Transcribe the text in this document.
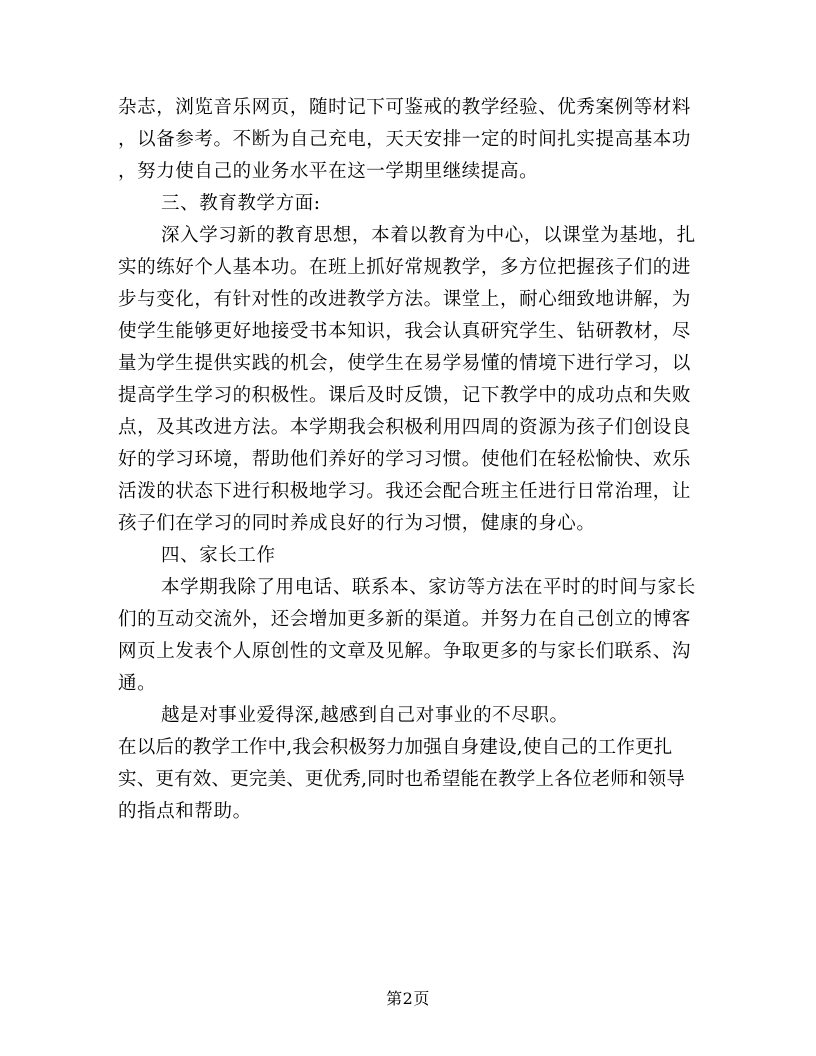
杂志，浏览音乐网页，随时记下可鉴戒的教学经验、优秀案例等材料
，以备参考。不断为自己充电，天天安排一定的时间扎实提高基本功
，努力使自己的业务水平在这一学期里继续提高。
三、教育教学方面:
深入学习新的教育思想，本着以教育为中心，以课堂为基地，扎
实的练好个人基本功。在班上抓好常规教学，多方位把握孩子们的进
步与变化，有针对性的改进教学方法。课堂上，耐心细致地讲解，为
使学生能够更好地接受书本知识，我会认真研究学生、钻研教材，尽
量为学生提供实践的机会，使学生在易学易懂的情境下进行学习，以
提高学生学习的积极性。课后及时反馈，记下教学中的成功点和失败
点，及其改进方法。本学期我会积极利用四周的资源为孩子们创设良
好的学习环境，帮助他们养好的学习习惯。使他们在轻松愉快、欢乐
活泼的状态下进行积极地学习。我还会配合班主任进行日常治理，让
孩子们在学习的同时养成良好的行为习惯，健康的身心。
四、家长工作
本学期我除了用电话、联系本、家访等方法在平时的时间与家长
们的互动交流外，还会增加更多新的渠道。并努力在自己创立的博客
网页上发表个人原创性的文章及见解。争取更多的与家长们联系、沟
通。
越是对事业爱得深,越感到自己对事业的不尽职。
在以后的教学工作中,我会积极努力加强自身建设,使自己的工作更扎
实、更有效、更完美、更优秀,同时也希望能在教学上各位老师和领导
的指点和帮助。
第2页
